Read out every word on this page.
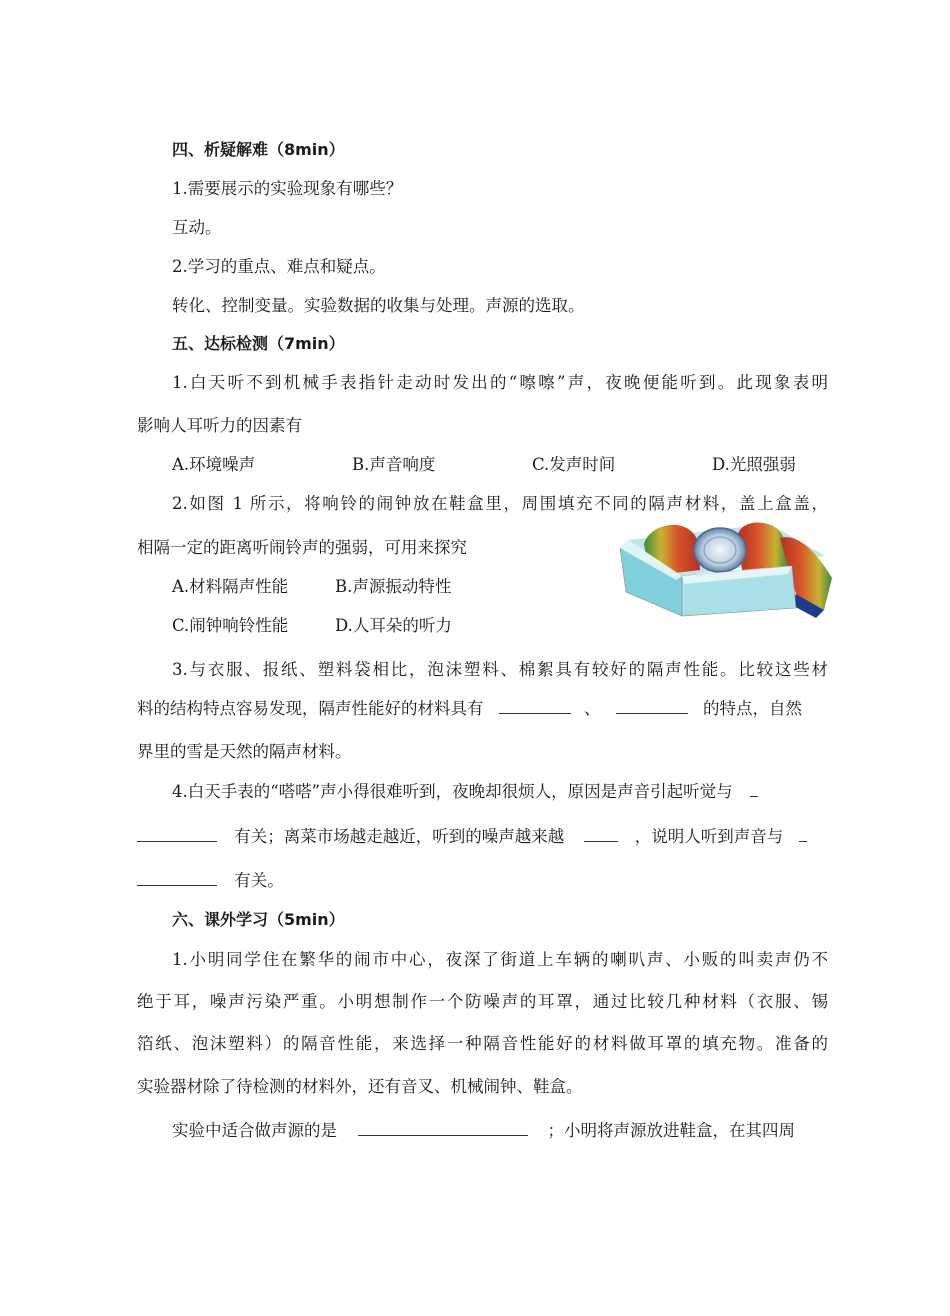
四、析疑解难（8min）
1.需要展示的实验现象有哪些？
互动。
2.学习的重点、难点和疑点。
转化、控制变量。实验数据的收集与处理。声源的选取。
五、达标检测（7min）
1.白天听不到机械手表指针走动时发出的“嚓嚓”声，夜晚便能听到。此现象表明
影响人耳听力的因素有
A.环境噪声	B.声音响度	C.发声时间	D.光照强弱
2.如图 1 所示，将响铃的闹钟放在鞋盒里，周围填充不同的隔声材料，盖上盒盖，
相隔一定的距离听闹铃声的强弱，可用来探究
A.材料隔声性能	B.声源振动特性
C.闹钟响铃性能	D.人耳朵的听力
3.与衣服、报纸、塑料袋相比，泡沫塑料、棉絮具有较好的隔声性能。比较这些材
料的结构特点容易发现，隔声性能好的材料具有	、	的特点，自然
界里的雪是天然的隔声材料。
4.白天手表的“嗒嗒”声小得很难听到，夜晚却很烦人，原因是声音引起听觉与
有关；离菜市场越走越近，听到的噪声越来越	，说明人听到声音与
有关。
六、课外学习（5min）
1.小明同学住在繁华的闹市中心，夜深了街道上车辆的喇叭声、小贩的叫卖声仍不
绝于耳，噪声污染严重。小明想制作一个防噪声的耳罩，通过比较几种材料（衣服、锡
箔纸、泡沫塑料）的隔音性能，来选择一种隔音性能好的材料做耳罩的填充物。准备的
实验器材除了待检测的材料外，还有音叉、机械闹钟、鞋盒。
实验中适合做声源的是	；小明将声源放进鞋盒，在其四周
